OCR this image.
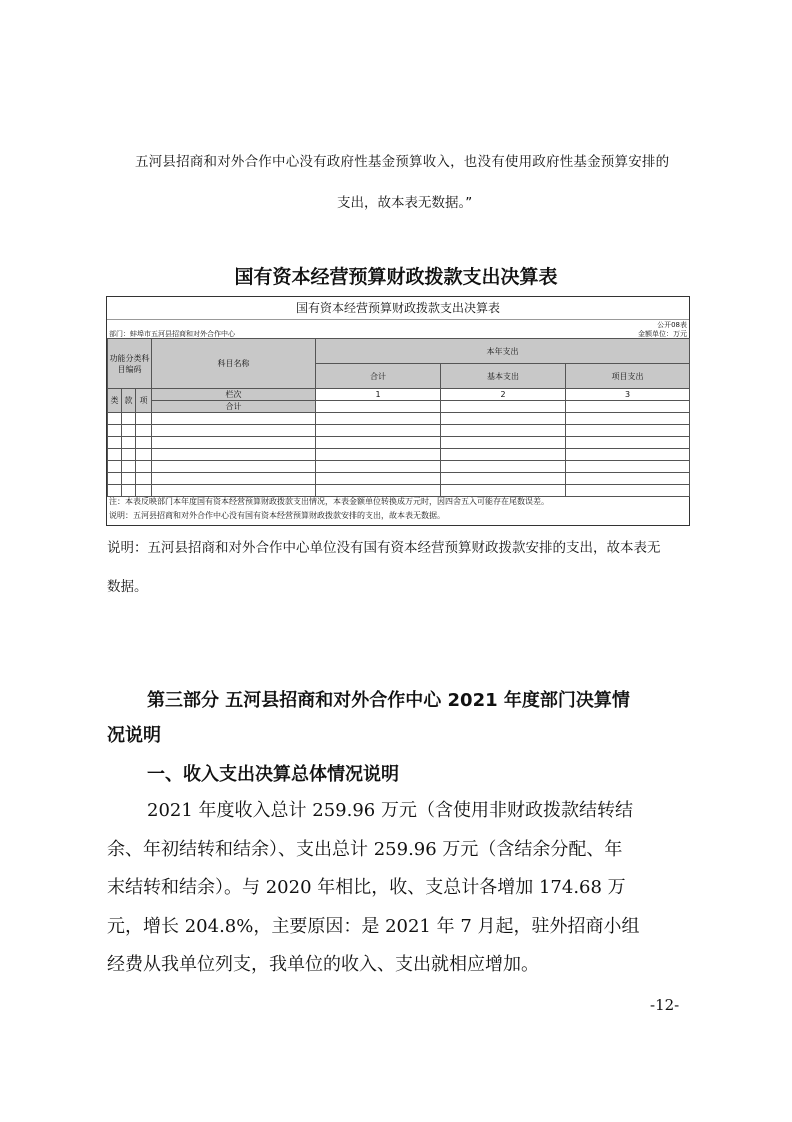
五河县招商和对外合作中心没有政府性基金预算收入，也没有使用政府性基金预算安排的
支出，故本表无数据。”
国有资本经营预算财政拨款支出决算表
国有资本经营预算财政拨款支出决算表
公开08表
部门：蚌埠市五河县招商和对外合作中心	金额单位：万元
功能分类科目编码			科目名称	本年支出		
				合计	基本支出	项目支出
类	款	项	栏次	1	2	3
			合计			

注：本表反映部门本年度国有资本经营预算财政拨款支出情况，本表金额单位转换成万元时，因四舍五入可能存在尾数误差。
说明：五河县招商和对外合作中心没有国有资本经营预算财政拨款安排的支出，故本表无数据。
说明：五河县招商和对外合作中心单位没有国有资本经营预算财政拨款安排的支出，故本表无
数据。
第三部分 五河县招商和对外合作中心 2021 年度部门决算情
况说明
一、收入支出决算总体情况说明
2021 年度收入总计 259.96 万元（含使用非财政拨款结转结
余、年初结转和结余）、支出总计 259.96 万元（含结余分配、年
末结转和结余）。与 2020 年相比，收、支总计各增加 174.68 万
元，增长 204.8%，主要原因：是 2021 年 7 月起，驻外招商小组
经费从我单位列支，我单位的收入、支出就相应增加。
-12-
